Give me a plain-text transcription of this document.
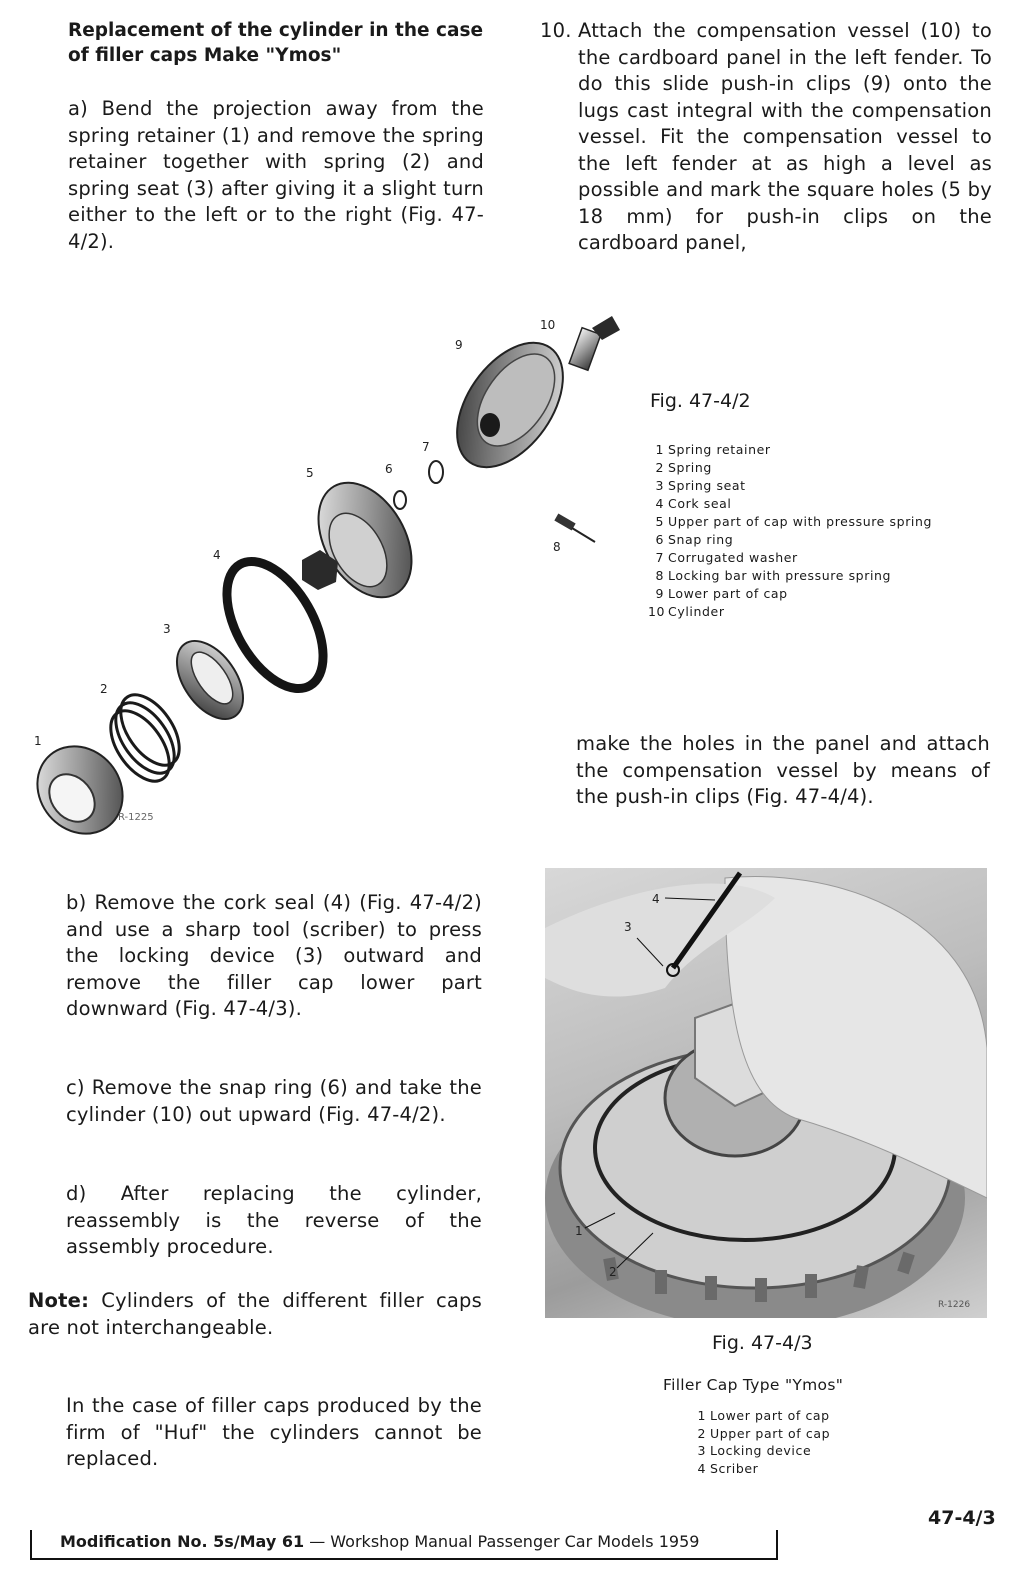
Replacement of the cylinder in the case of filler caps Make "Ymos"

a) Bend the projection away from the spring retainer (1) and remove the spring retainer together with spring (2) and spring seat (3) after giving it a slight turn either to the left or to the right (Fig. 47-4/2).

1
2
3
4
5	6
7
8
9
10
R-1225
Fig. 47-4/2
1 Spring retainer
2 Spring
3 Spring seat
4 Cork seal
5 Upper part of cap with pressure spring
6 Snap ring
7 Corrugated washer
8 Locking bar with pressure spring
9 Lower part of cap
10 Cylinder

b) Remove the cork seal (4) (Fig. 47-4/2) and use a sharp tool (scriber) to press the locking device (3) outward and remove the filler cap lower part downward (Fig. 47-4/3).

c) Remove the snap ring (6) and take the cylinder (10) out upward (Fig. 47-4/2).

d) After replacing the cylinder, reassembly is the reverse of the assembly procedure.

Note: Cylinders of the different filler caps are not interchangeable.

In the case of filler caps produced by the firm of "Huf" the cylinders cannot be replaced.

10. Attach the compensation vessel (10) to the cardboard panel in the left fender. To do this slide push-in clips (9) onto the lugs cast integral with the compensation vessel. Fit the compensation vessel to the left fender at as high a level as possible and mark the square holes (5 by 18 mm) for push-in clips on the cardboard panel,

make the holes in the panel and attach the compensation vessel by means of the push-in clips (Fig. 47-4/4).

1
2
3
4
R-1226
Fig. 47-4/3
Filler Cap Type "Ymos"
1 Lower part of cap
2 Upper part of cap
3 Locking device
4 Scriber
47-4/3
Modification No. 5s/May 61 — Workshop Manual Passenger Car Models 1959
